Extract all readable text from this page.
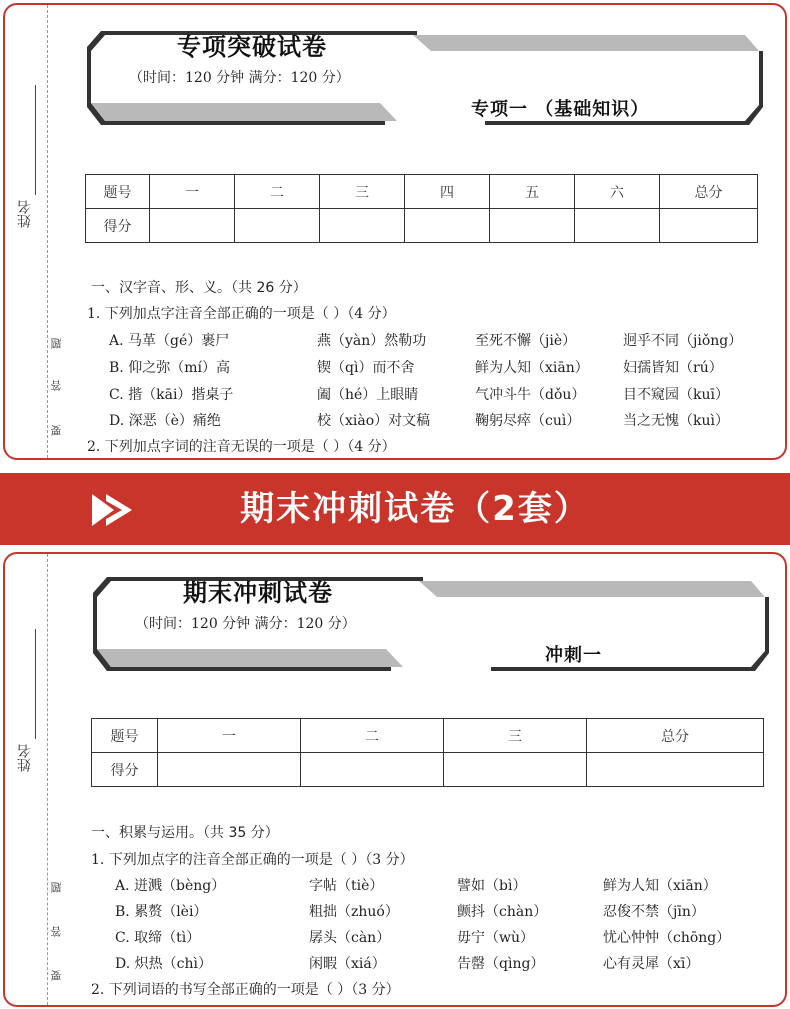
姓名
题
答
要
专项突破试卷
（时间：120 分钟 满分：120 分）
专项一 （基础知识）
题号	一	二	三	四	五	六	总分
得分							
一、汉字音、形、义。（共 26 分）
1. 下列加点字注音全部正确的一项是（ ）（4 分）
A. 马革（gé）裹尸	燕（yàn）然勒功	至死不懈（jiè）	迥乎不同（jiǒng）
B. 仰之弥（mí）高	锲（qì）而不舍	鲜为人知（xiān） 妇孺皆知（rú）
C. 揩（kāi）揩桌子	阖（hé）上眼睛	气冲斗牛（dǒu）	目不窥园（kuī）
D. 深恶（è）痛绝	校（xiào）对文稿	鞠躬尽瘁（cuì）	当之无愧（kuì）
2. 下列加点字词的注音无误的一项是（ ）（4 分）
期末冲刺试卷（2套）
姓名
题
答
要
期末冲刺试卷
（时间：120 分钟 满分：120 分）
冲刺一
题号	一	二	三	总分
得分				
一、积累与运用。（共 35 分）
1. 下列加点字的注音全部正确的一项是（ ）（3 分）
A. 迸溅（bèng）	字帖（tiè）	譬如（bì）	鲜为人知（xiān）
B. 累赘（lèi）	粗拙（zhuó）	颤抖（chàn）	忍俊不禁（jīn）
C. 取缔（tì）	孱头（càn）	毋宁（wù）	忧心忡忡（chōng）
D. 炽热（chì）	闲暇（xiá）	告罄（qìng）	心有灵犀（xī）
2. 下列词语的书写全部正确的一项是（ ）（3 分）
